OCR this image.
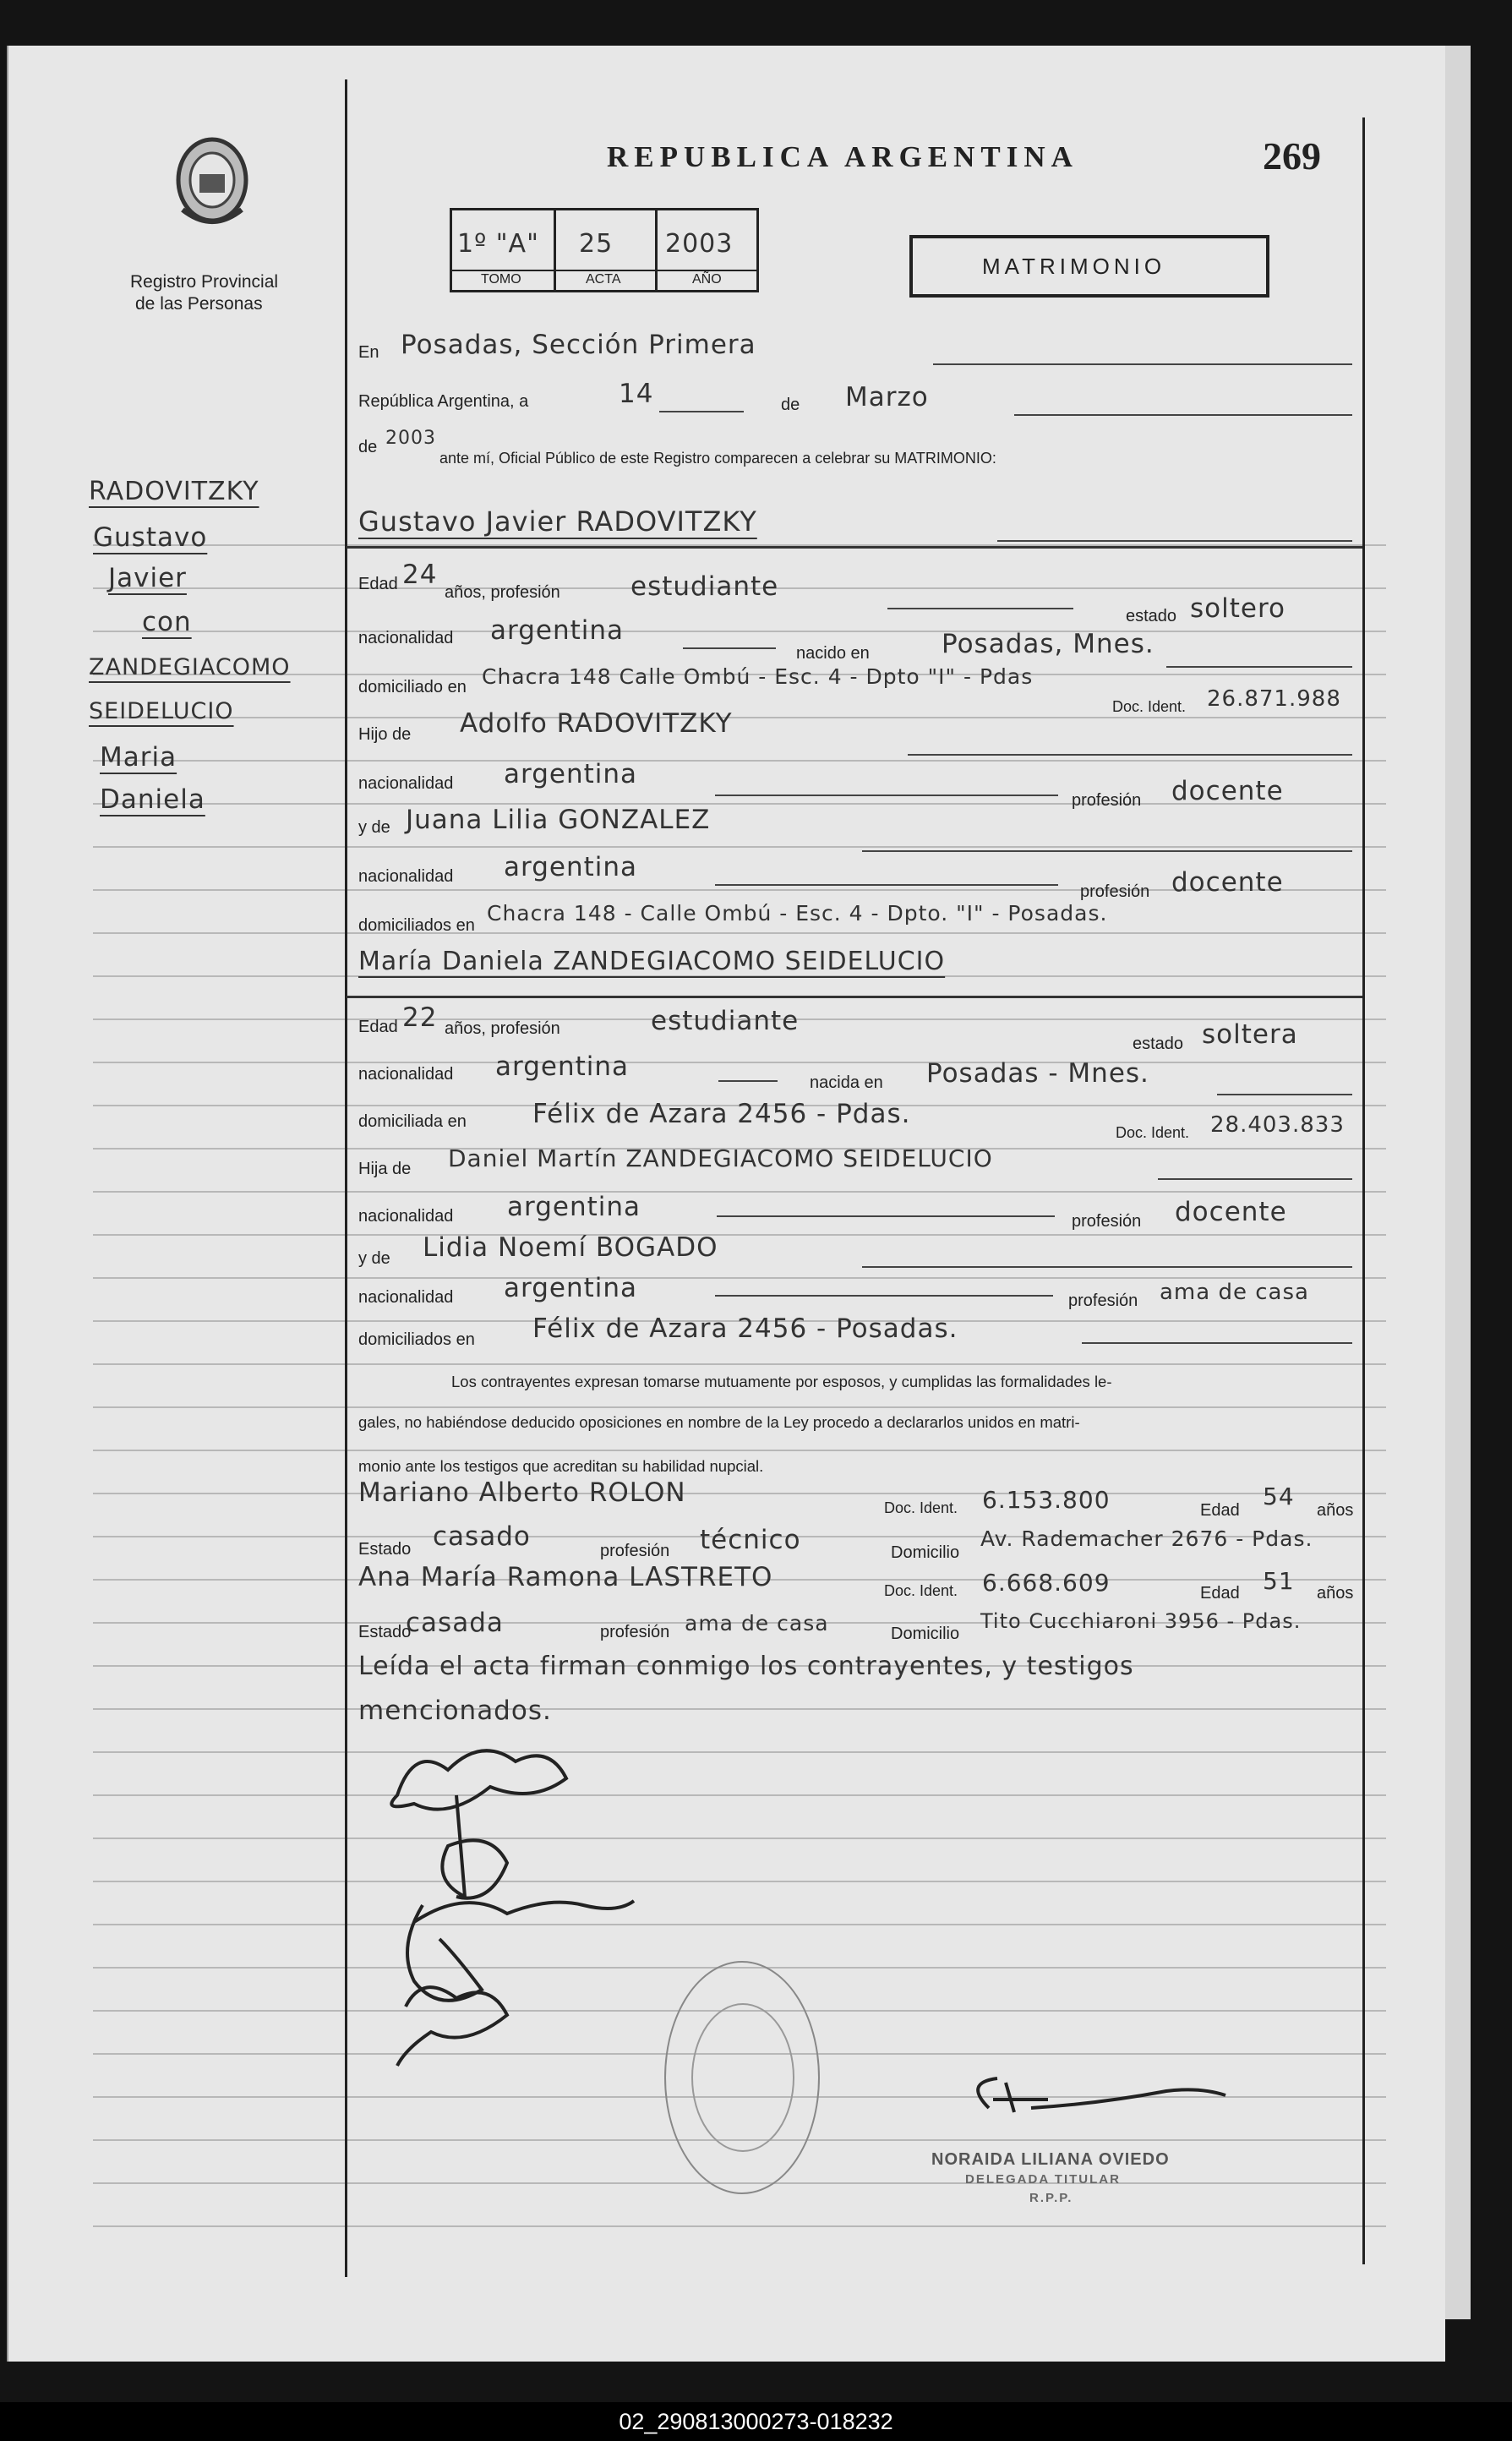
Registro Provincial
de las Personas
REPUBLICA ARGENTINA	269
1º "A" 25 2003
TOMO	ACTA	AÑO
MATRIMONIO
RADOVITZKY
Gustavo
Javier
con
ZANDEGIACOMO
SEIDELUCIO
Maria
Daniela
En Posadas, Sección Primera
República Argentina, a	14	de Marzo
de 2003
ante mí, Oficial Público de este Registro comparecen a celebrar su MATRIMONIO:
Gustavo Javier RADOVITZKY
Edad 24
años, profesión	estudiante
estado soltero
nacionalidad argentina
nacido en	Posadas, Mnes.
domiciliado en Chacra 148 Calle Ombú - Esc. 4 - Dpto "I" - Pdas
Doc. Ident. 26.871.988
Hijo de Adolfo RADOVITZKY
nacionalidad argentina
profesión docente
y de Juana Lilia GONZALEZ
nacionalidad argentina
profesión docente
domiciliados en Chacra 148 - Calle Ombú - Esc. 4 - Dpto. "I" - Posadas.
María Daniela ZANDEGIACOMO SEIDELUCIO
Edad 22 años, profesión	estudiante
estado soltera
nacionalidad argentina
nacida en Posadas - Mnes.
domiciliada en	Félix de Azara 2456 - Pdas.
Doc. Ident. 28.403.833
Hija de Daniel Martín ZANDEGIACOMO SEIDELUCIO
nacionalidad argentina	profesión docente
y de Lidia Noemí BOGADO
nacionalidad argentina	profesión ama de casa
domiciliados en Félix de Azara 2456 - Posadas.
Los contrayentes expresan tomarse mutuamente por esposos, y cumplidas las formalidades le-
gales, no habiéndose deducido oposiciones en nombre de la Ley procedo a declararlos unidos en matri-
monio ante los testigos que acreditan su habilidad nupcial.
Mariano Alberto ROLON	Doc. Ident. 6.153.800	Edad 54 años
Estado casado	profesión técnico	Domicilio
Av. Rademacher 2676 - Pdas.
Ana María Ramona LASTRETO	Doc. Ident. 6.668.609	Edad 51 años
Estado
casada	profesión ama de casa	Domicilio
Tito Cucchiaroni 3956 - Pdas.
Leída el acta firman conmigo los contrayentes, y testigos
mencionados.
NORAIDA LILIANA OVIEDO
DELEGADA TITULAR
R.P.P.
02_290813000273-018232
